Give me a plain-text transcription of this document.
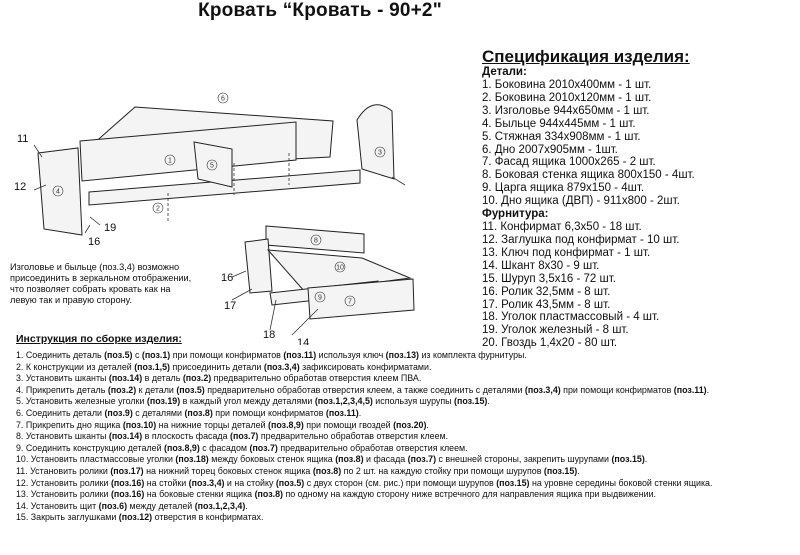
Кровать “Кровать - 90+2"
11
12
19
16
16
17
18
14
6
3
4
1
2
5
8
10
9
7
Спецификация изделия:
Детали:
1. Боковина 2010х400мм - 1 шт.
2. Боковина 2010х120мм - 1 шт.
3. Изголовье 944х650мм - 1 шт.
4. Быльце 944х445мм - 1 шт.
5. Стяжная 334х908мм - 1 шт.
6. Дно 2007х905мм - 1шт.
7. Фасад ящика 1000х265 - 2 шт.
8. Боковая стенка ящика 800х150 - 4шт.
9. Царга ящика 879х150 - 4шт.
10. Дно ящика (ДВП) - 911х800 - 2шт.
Фурнитура:
11. Конфирмат 6,3х50 - 18 шт.
12. Заглушка под конфирмат - 10 шт.
13. Ключ под конфирмат - 1 шт.
14. Шкант 8х30 - 9 шт.
15. Шуруп 3,5х16 - 72 шт.
16. Ролик 32,5мм - 8 шт.
17. Ролик 43,5мм - 8 шт.
18. Уголок пластмассовый - 4 шт.
19. Уголок железный - 8 шт.
20. Гвоздь 1,4х20 - 80 шт.
Изголовье и быльце (поз.3,4) возможно
присоединить в зеркальном отображении,
что позволяет собрать кровать как на
левую так и правую сторону.
Инструкция по сборке изделия:
1. Соединить деталь (поз.5) с (поз.1) при помощи конфирматов (поз.11) используя ключ (поз.13) из комплекта фурнитуры.
2. К конструкции из деталей (поз.1,5) присоединить детали (поз.3,4) зафиксировать конфирматами.
3. Установить шканты (поз.14) в деталь (поз.2) предварительно обработав отверстия клеем ПВА.
4. Прикрепить деталь (поз.2) к детали (поз.5) предварительно обработав отверстия клеем, а также соединить с деталями (поз.3,4) при помощи конфирматов (поз.11).
5. Установить железные уголки (поз.19) в каждый угол между деталями (поз.1,2,3,4,5) используя шурупы (поз.15).
6. Соединить детали (поз.9) с деталями (поз.8) при помощи конфирматов (поз.11).
7. Прикрепить дно ящика (поз.10) на нижние торцы деталей (поз.8,9) при помощи гвоздей (поз.20).
8. Установить шканты (поз.14) в плоскость фасада (поз.7) предварительно обработав отверстия клеем.
9. Соединить конструкцию деталей (поз.8,9) с фасадом (поз.7) предварительно обработав отверстия клеем.
10. Установить пластмассовые уголки (поз.18) между боковых стенок ящика (поз.8) и фасада (поз.7) с внешней стороны, закрепить шурупами (поз.15).
11. Установить ролики (поз.17) на нижний торец боковых стенок ящика (поз.8) по 2 шт. на каждую стойку при помощи шурупов (поз.15).
12. Установить ролики (поз.16) на стойки (поз.3,4) и на стойку (поз.5) с двух сторон (см. рис.) при помощи шурупов (поз.15) на уровне середины боковой стенки ящика.
13. Установить ролики (поз.16) на боковые стенки ящика (поз.8) по одному на каждую сторону ниже встречного для направления ящика при выдвижении.
14. Установить щит (поз.6) между деталей (поз.1,2,3,4).
15. Закрыть заглушками (поз.12) отверстия в конфирматах.
